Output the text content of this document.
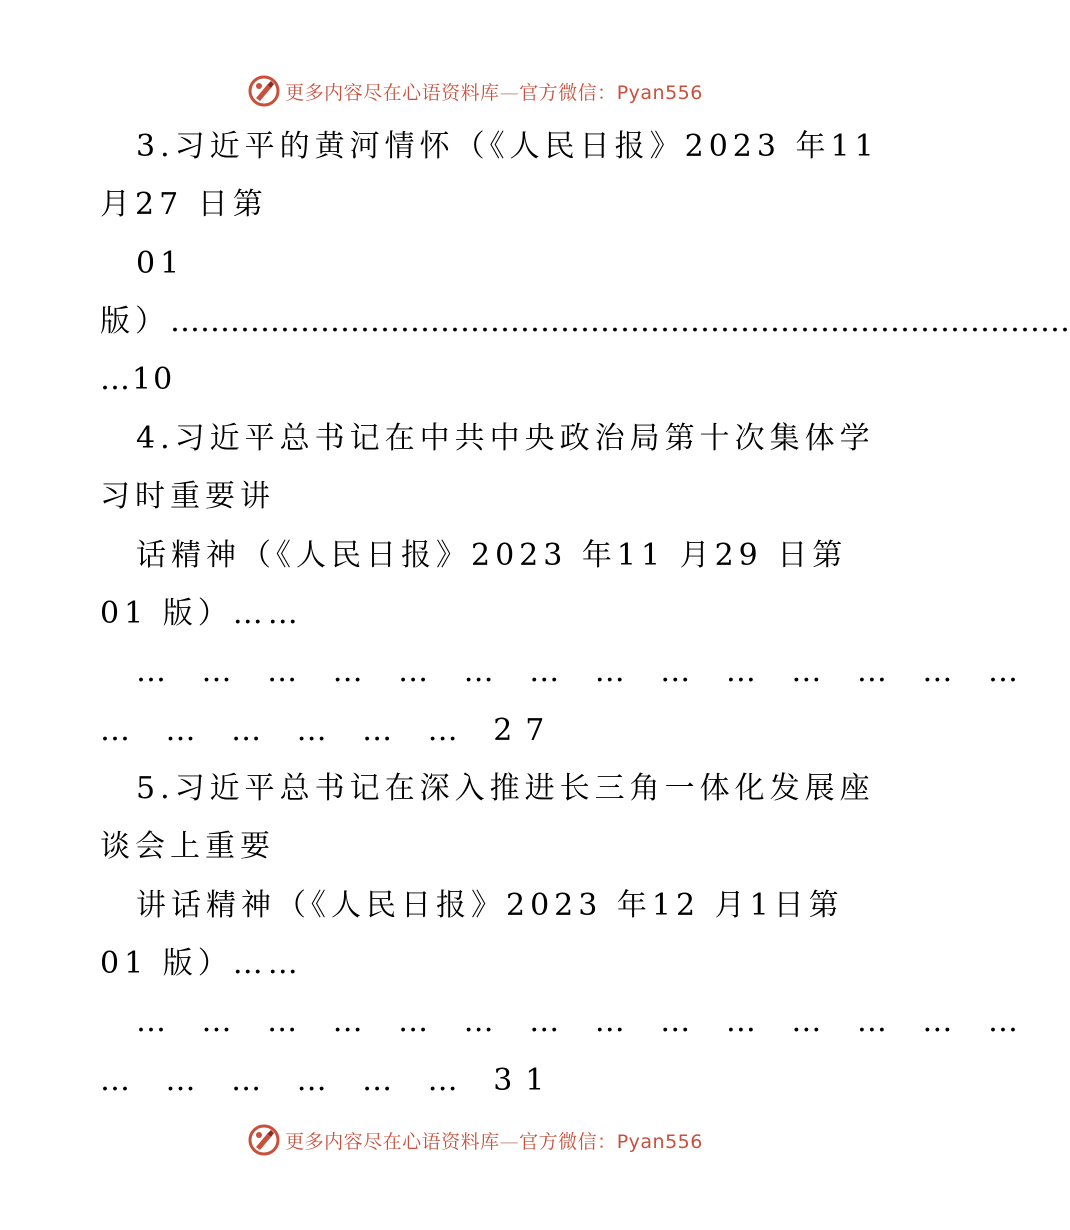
更多内容尽在心语资料库—官方微信：Pyan556
3.习近平的黄河情怀（《人民日报》2023 年11
月27 日第
01
版）………………………………………………………………………………
…10
4.习近平总书记在中共中央政治局第十次集体学
习时重要讲
话精神（《人民日报》2023 年11 月29 日第
01 版）……
… … … … … … … … … … … … … …
… … … … … … 27
5.习近平总书记在深入推进长三角一体化发展座
谈会上重要
讲话精神（《人民日报》2023 年12 月1日第
01 版）……
… … … … … … … … … … … … … …
… … … … … … 31
更多内容尽在心语资料库—官方微信：Pyan556
